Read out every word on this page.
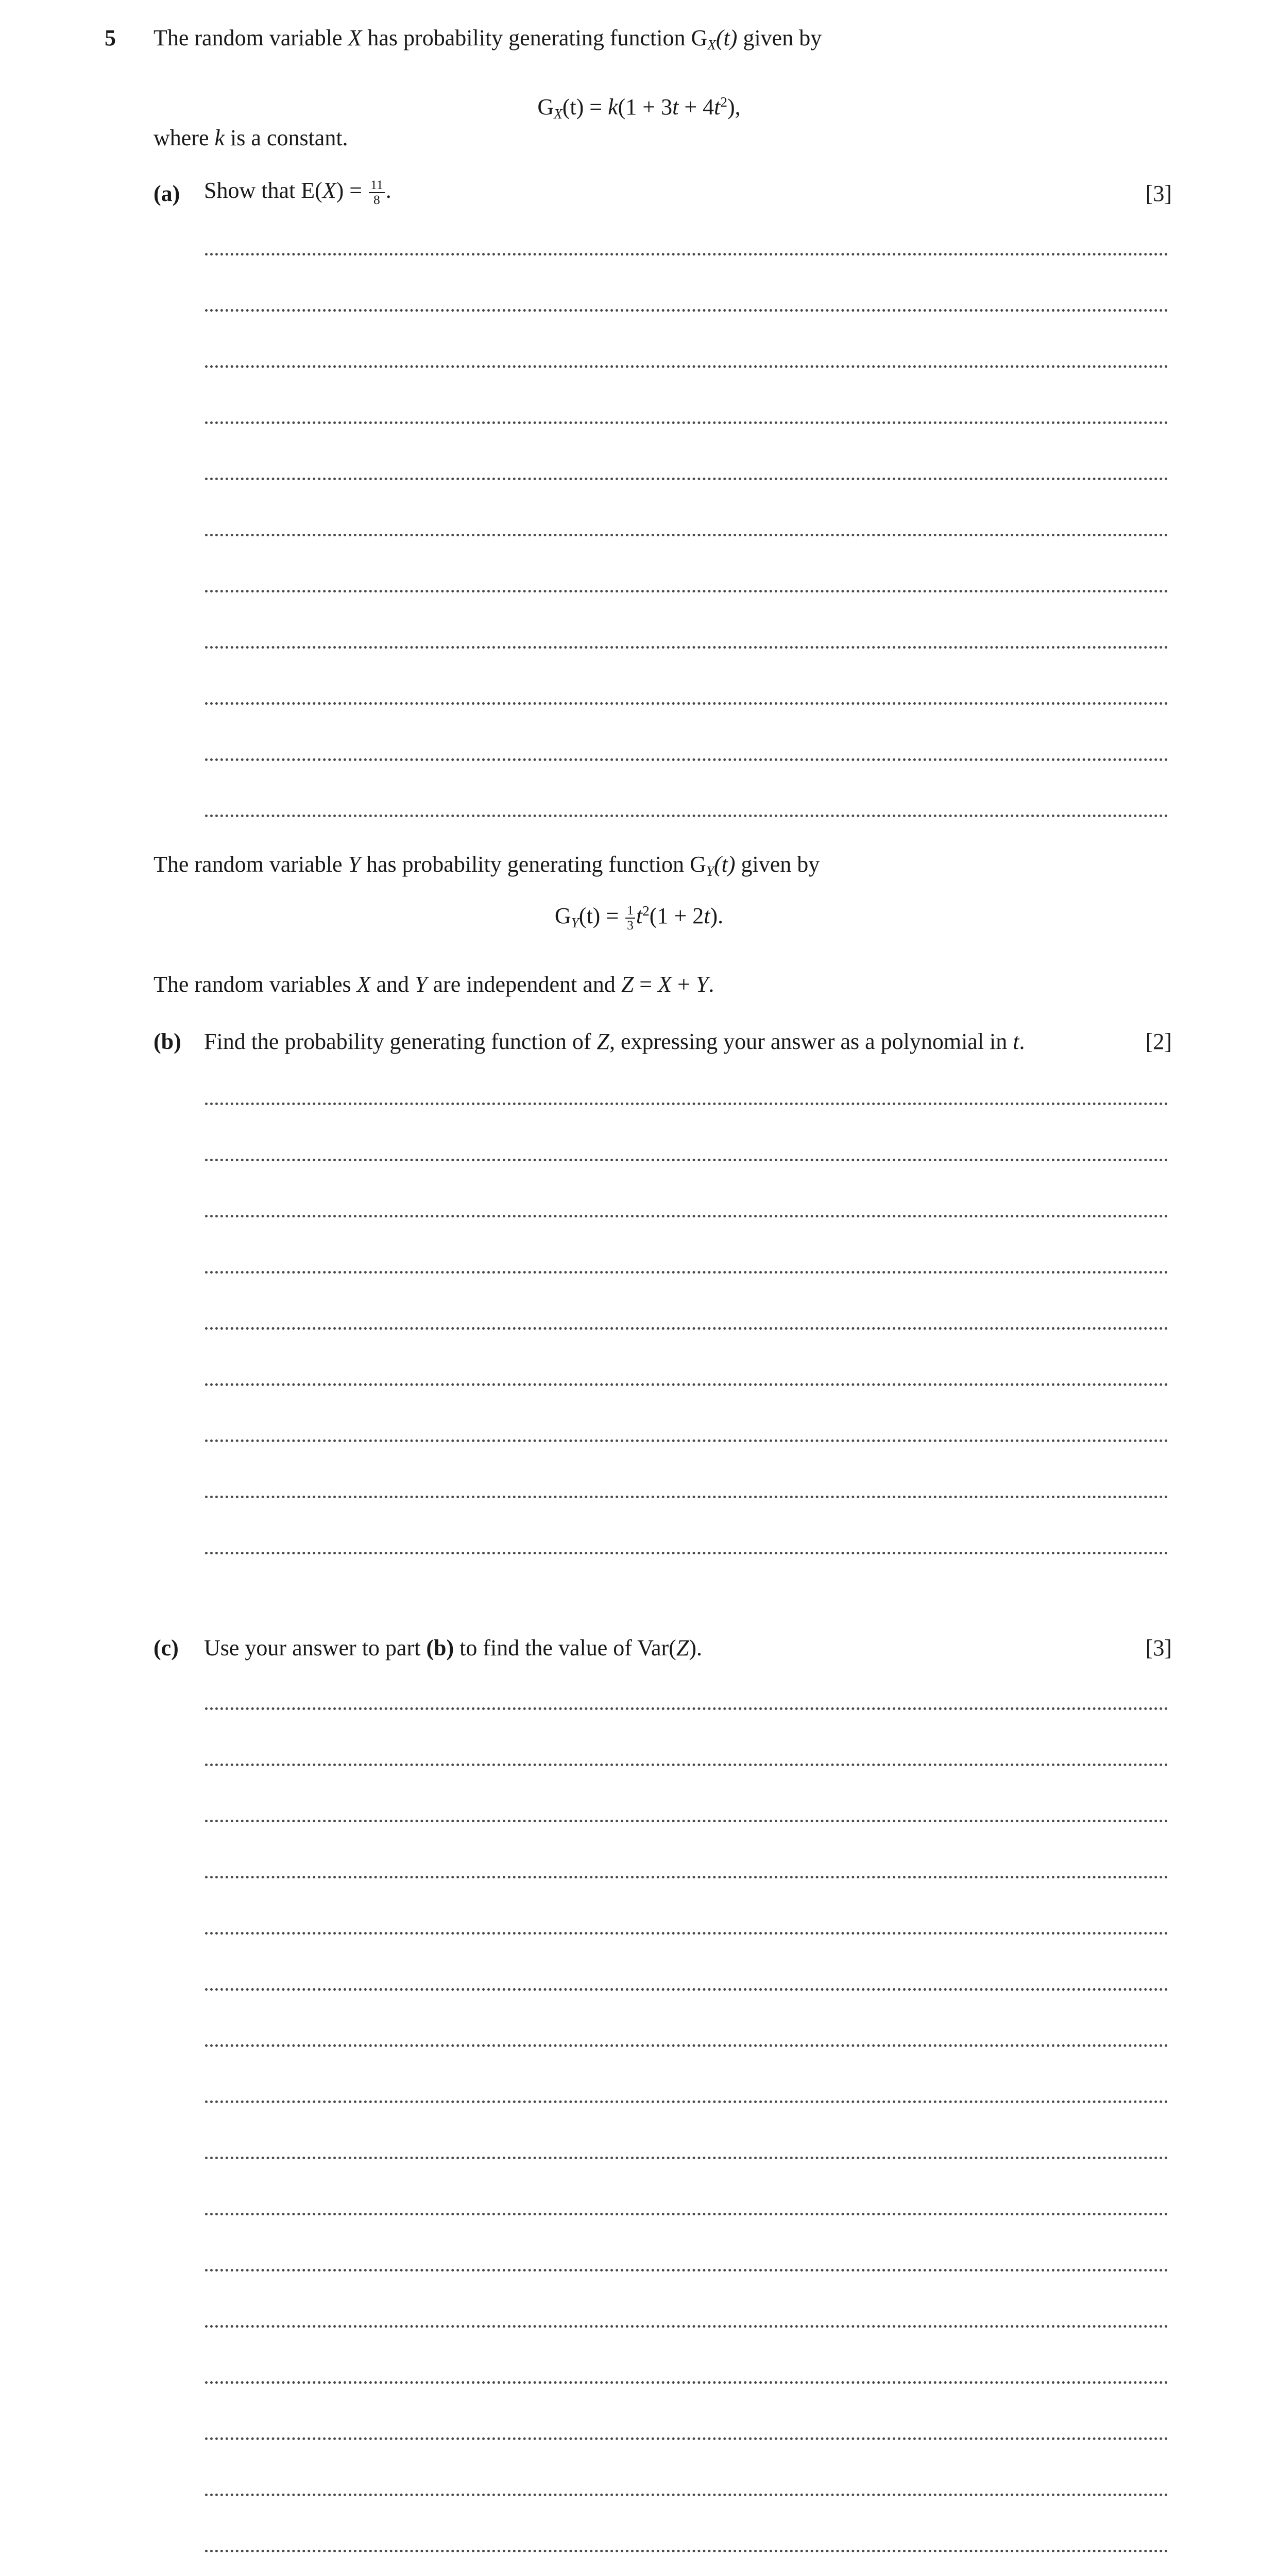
5 The random variable X has probability generating function $G_X(t)$ given by
$G_X(t) = k(1 + 3t + 4t^2)$,
where k is a constant.
(a) Show that $E(X) = \frac{11}{8}$ .	[3]
The random variable Y has probability generating function $G_Y(t)$ given by
$G_Y(t) = \frac{1}{3} t^2(1 + 2t)$.
The random variables X and Y are independent and Z = X + Y.
(b) Find the probability generating function of Z, expressing your answer as a polynomial in t.	[2]
(c) Use your answer to part (b) to find the value of Var(Z).	[3]
